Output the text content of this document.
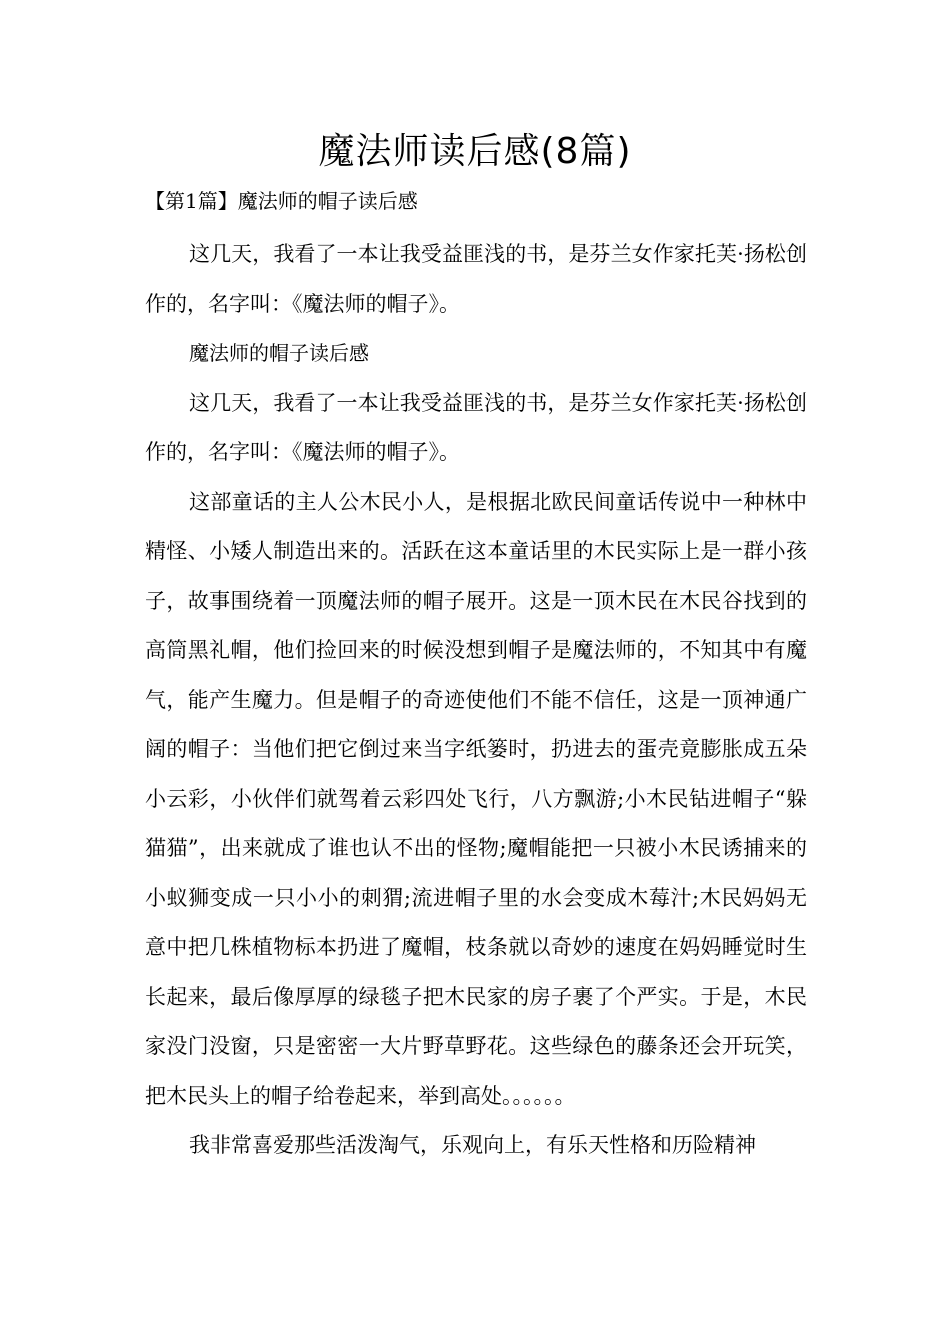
魔法师读后感(8篇)
【第1篇】魔法师的帽子读后感

这几天，我看了一本让我受益匪浅的书，是芬兰女作家托芙·扬松创作的，名字叫：《魔法师的帽子》。

魔法师的帽子读后感

这几天，我看了一本让我受益匪浅的书，是芬兰女作家托芙·扬松创作的，名字叫：《魔法师的帽子》。

这部童话的主人公木民小人，是根据北欧民间童话传说中一种林中精怪、小矮人制造出来的。活跃在这本童话里的木民实际上是一群小孩子，故事围绕着一顶魔法师的帽子展开。这是一顶木民在木民谷找到的高筒黑礼帽，他们捡回来的时候没想到帽子是魔法师的，不知其中有魔气，能产生魔力。但是帽子的奇迹使他们不能不信任，这是一顶神通广阔的帽子：当他们把它倒过来当字纸篓时，扔进去的蛋壳竟膨胀成五朵小云彩，小伙伴们就驾着云彩四处飞行，八方飘游;小木民钻进帽子“躲猫猫”，出来就成了谁也认不出的怪物;魔帽能把一只被小木民诱捕来的小蚁狮变成一只小小的刺猬;流进帽子里的水会变成木莓汁;木民妈妈无意中把几株植物标本扔进了魔帽，枝条就以奇妙的速度在妈妈睡觉时生长起来，最后像厚厚的绿毯子把木民家的房子裹了个严实。于是，木民家没门没窗，只是密密一大片野草野花。这些绿色的藤条还会开玩笑，把木民头上的帽子给卷起来，举到高处。。。。。。

我非常喜爱那些活泼淘气，乐观向上，有乐天性格和历险精神
